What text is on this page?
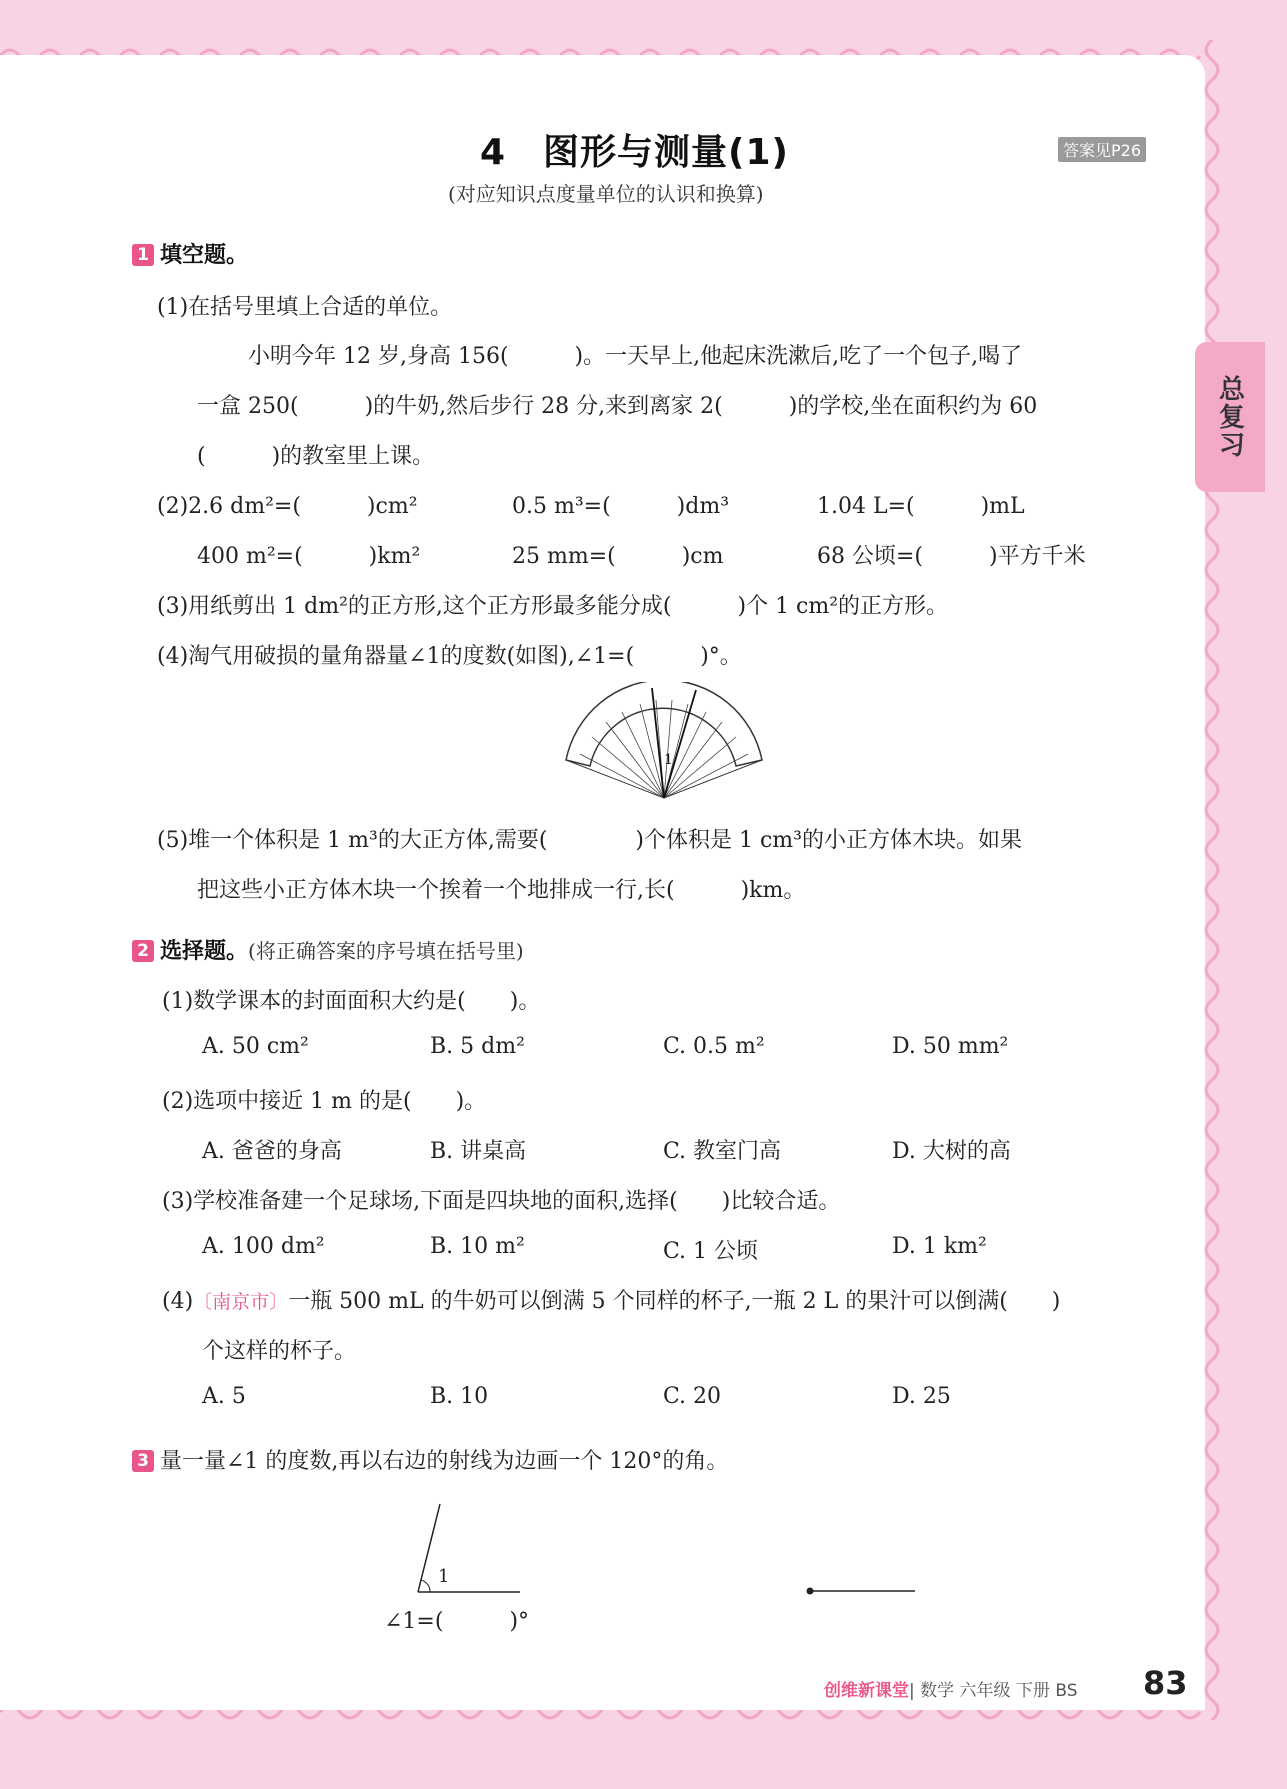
总复习
4　图形与测量(1)	答案见P26
(对应知识点度量单位的认识和换算)
1 填空题。
(1)在括号里填上合适的单位。
小明今年 12 岁,身高 156(　　　)。一天早上,他起床洗漱后,吃了一个包子,喝了
一盒 250(　　　)的牛奶,然后步行 28 分,来到离家 2(　　　)的学校,坐在面积约为 60
(　　　)的教室里上课。
(2)2.6 dm²=(　　　)cm²	0.5 m³=(　　　)dm³	1.04 L=(　　　)mL
400 m²=(　　　)km²	25 mm=(　　　)cm	68 公顷=(　　　)平方千米
(3)用纸剪出 1 dm²的正方形,这个正方形最多能分成(　　　)个 1 cm²的正方形。
(4)淘气用破损的量角器量∠1的度数(如图),∠1=(　　　)°。
1
(5)堆一个体积是 1 m³的大正方体,需要(　　　　)个体积是 1 cm³的小正方体木块。如果
把这些小正方体木块一个挨着一个地排成一行,长(　　　)km。
2 选择题。(将正确答案的序号填在括号里)
(1)数学课本的封面面积大约是(　　)。
A. 50 cm²	B. 5 dm²	C. 0.5 m²	D. 50 mm²
(2)选项中接近 1 m 的是(　　)。
A. 爸爸的身高	B. 讲桌高	C. 教室门高	D. 大树的高
(3)学校准备建一个足球场,下面是四块地的面积,选择(　　)比较合适。
A. 100 dm²	B. 10 m²	C. 1 公顷	D. 1 km²
(4)〔南京市〕一瓶 500 mL 的牛奶可以倒满 5 个同样的杯子,一瓶 2 L 的果汁可以倒满(　　)
个这样的杯子。
A. 5	B. 10	C. 20	D. 25
3 量一量∠1 的度数,再以右边的射线为边画一个 120°的角。
1
∠1=(　　　)°
创维新课堂| 数学 六年级 下册 BS 83
